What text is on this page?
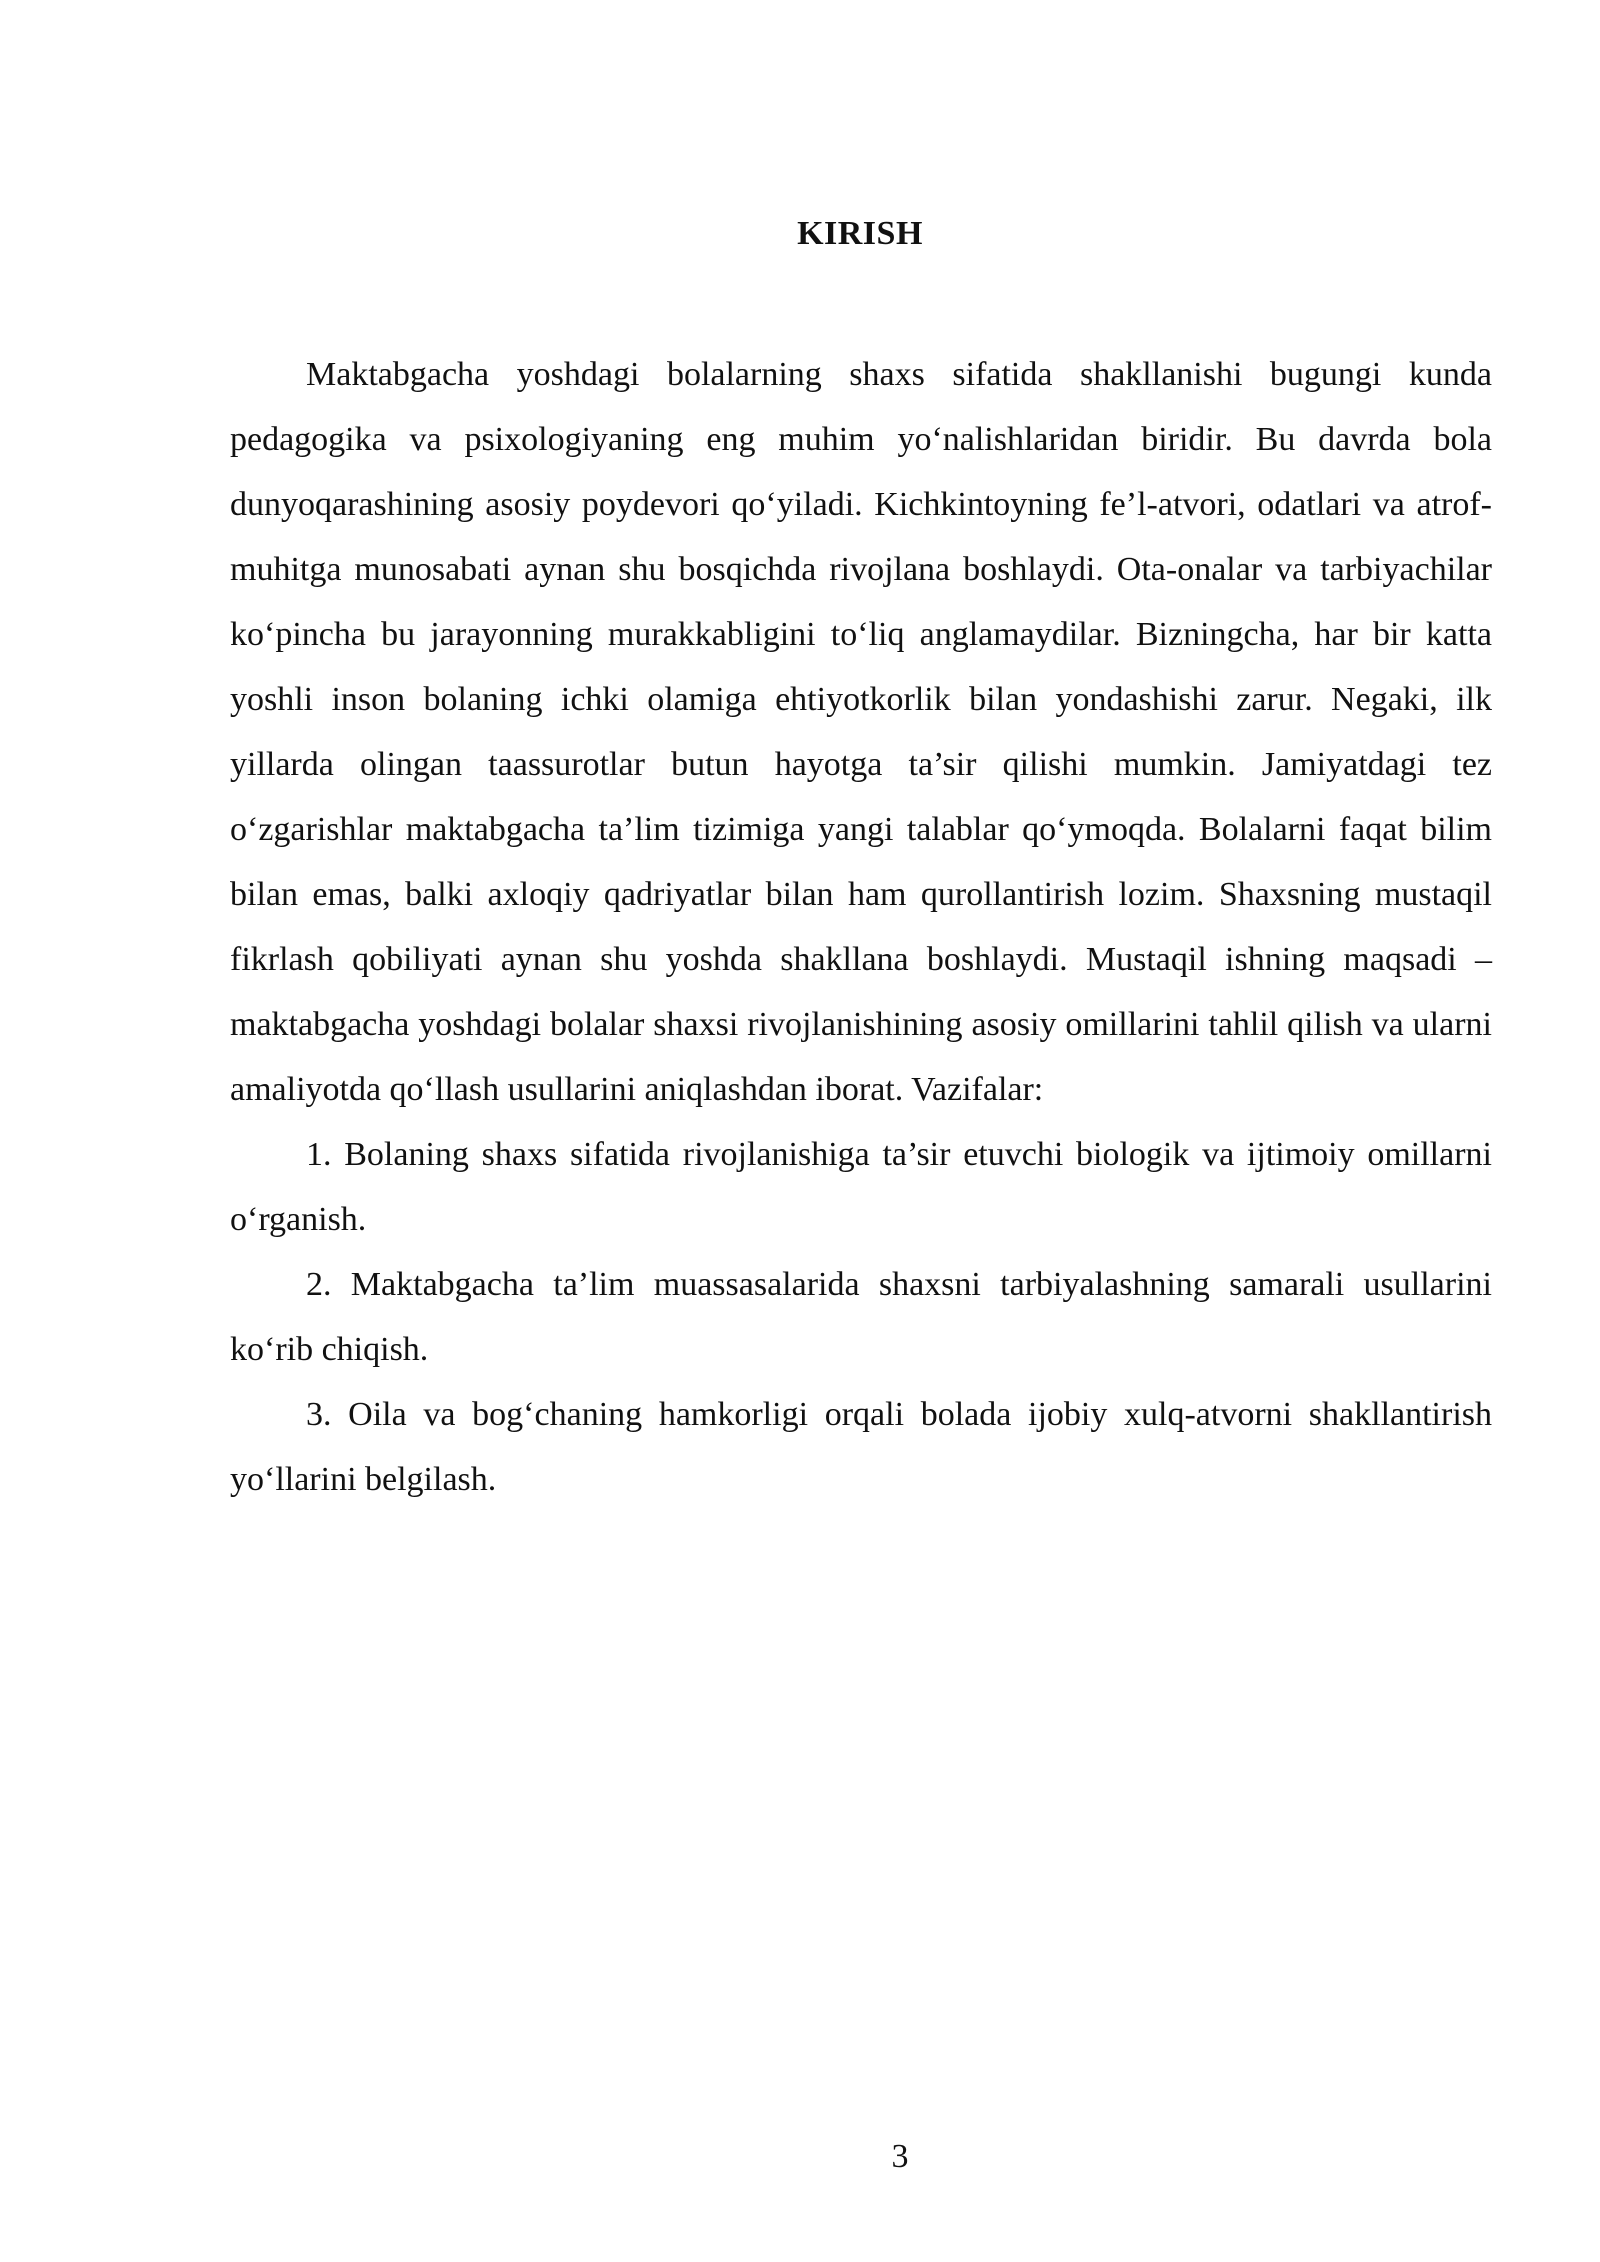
KIRISH

Maktabgacha yoshdagi bolalarning shaxs sifatida shakllanishi bugungi kunda pedagogika va psixologiyaning eng muhim yo‘nalishlaridan biridir. Bu davrda bola dunyoqarashining asosiy poydevori qo‘yiladi. Kichkintoyning fe’l-atvori, odatlari va atrof-muhitga munosabati aynan shu bosqichda rivojlana boshlaydi. Ota-onalar va tarbiyachilar ko‘pincha bu jarayonning murakkabligini to‘liq anglamaydilar. Bizningcha, har bir katta yoshli inson bolaning ichki olamiga ehtiyotkorlik bilan yondashishi zarur. Negaki, ilk yillarda olingan taassurotlar butun hayotga ta’sir qilishi mumkin. Jamiyatdagi tez o‘zgarishlar maktabgacha ta’lim tizimiga yangi talablar qo‘ymoqda. Bolalarni faqat bilim bilan emas, balki axloqiy qadriyatlar bilan ham qurollantirish lozim. Shaxsning mustaqil fikrlash qobiliyati aynan shu yoshda shakllana boshlaydi. Mustaqil ishning maqsadi – maktabgacha yoshdagi bolalar shaxsi rivojlanishining asosiy omillarini tahlil qilish va ularni amaliyotda qo‘llash usullarini aniqlashdan iborat. Vazifalar:

1. Bolaning shaxs sifatida rivojlanishiga ta’sir etuvchi biologik va ijtimoiy omillarni o‘rganish.

2. Maktabgacha ta’lim muassasalarida shaxsni tarbiyalashning samarali usullarini ko‘rib chiqish.

3. Oila va bog‘chaning hamkorligi orqali bolada ijobiy xulq-atvorni shakllantirish yo‘llarini belgilash.

3
